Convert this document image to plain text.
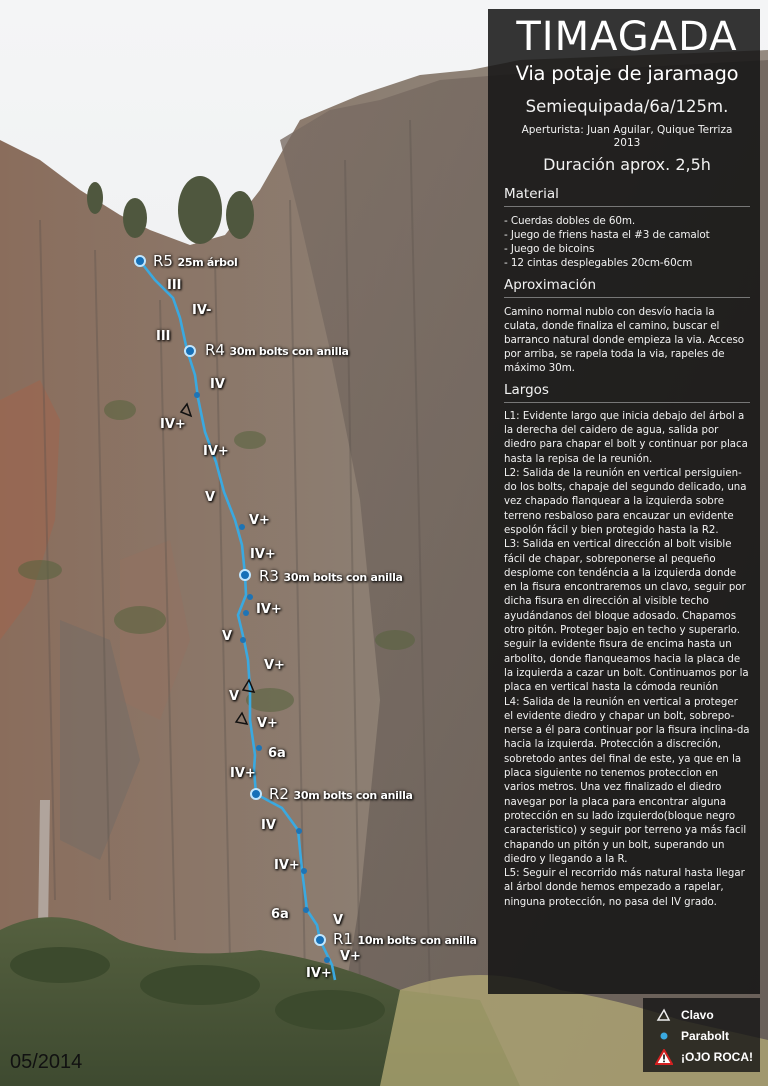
R5 25m árbol
R4 30m bolts con anilla
R3 30m bolts con anilla
R2 30m bolts con anilla
R1 10m bolts con anilla
III
IV-
III
IV
IV+
IV+
V
V+
IV+
IV+
V
V+
V
V+
6a
IV+
IV
IV+
6a	V
V+
IV+
TIMAGADA
Via potaje de jaramago
Semiequipada/6a/125m.

Aperturista: Juan Aguilar, Quique Terriza

2013

Duración aprox. 2,5h
Material
- Cuerdas dobles de 60m.
- Juego de friens hasta el #3 de camalot
- Juego de bicoins
- 12 cintas desplegables 20cm-60cm
Aproximación
Camino normal nublo con desvío hacia la culata, donde finaliza el camino, buscar el barranco natural donde empieza la via. Acceso por arriba, se rapela toda la via, rapeles de máximo 30m.
Largos

L1: Evidente largo que inicia debajo del árbol a la derecha del caidero de agua, salida por diedro para chapar el bolt y continuar por placa hasta la repisa de la reunión.

L2: Salida de la reunión en vertical persiguien-do los bolts, chapaje del segundo delicado, una vez chapado flanquear a la izquierda sobre terreno resbaloso para encauzar un evidente espolón fácil y bien protegido hasta la R2.

L3: Salida en vertical dirección al bolt visible fácil de chapar, sobreponerse al pequeño desplome con tendéncia a la izquierda donde en la fisura encontraremos un clavo, seguir por dicha fisura en dirección al visible techo ayudándanos del bloque adosado. Chapamos otro pitón. Proteger bajo en techo y superarlo. seguir la evidente fisura de encima hasta un arbolito, donde flanqueamos hacia la placa de la izquierda a cazar un bolt. Continuamos por la placa en vertical hasta la cómoda reunión

L4: Salida de la reunión en vertical a proteger el evidente diedro y chapar un bolt, sobrepo-nerse a él para continuar por la fisura inclina-da hacia la izquierda. Protección a discreción, sobretodo antes del final de este, ya que en la placa siguiente no tenemos proteccion en varios metros. Una vez finalizado el diedro navegar por la placa para encontrar alguna protección en su lado izquierdo(bloque negro caracteristico) y seguir por terreno ya más facil chapando un pitón y un bolt, superando un diedro y llegando a la R.

L5: Seguir el recorrido más natural hasta llegar al árbol donde hemos empezado a rapelar, ninguna protección, no pasa del IV grado.

Clavo
Parabolt
¡OJO ROCA!
05/2014
